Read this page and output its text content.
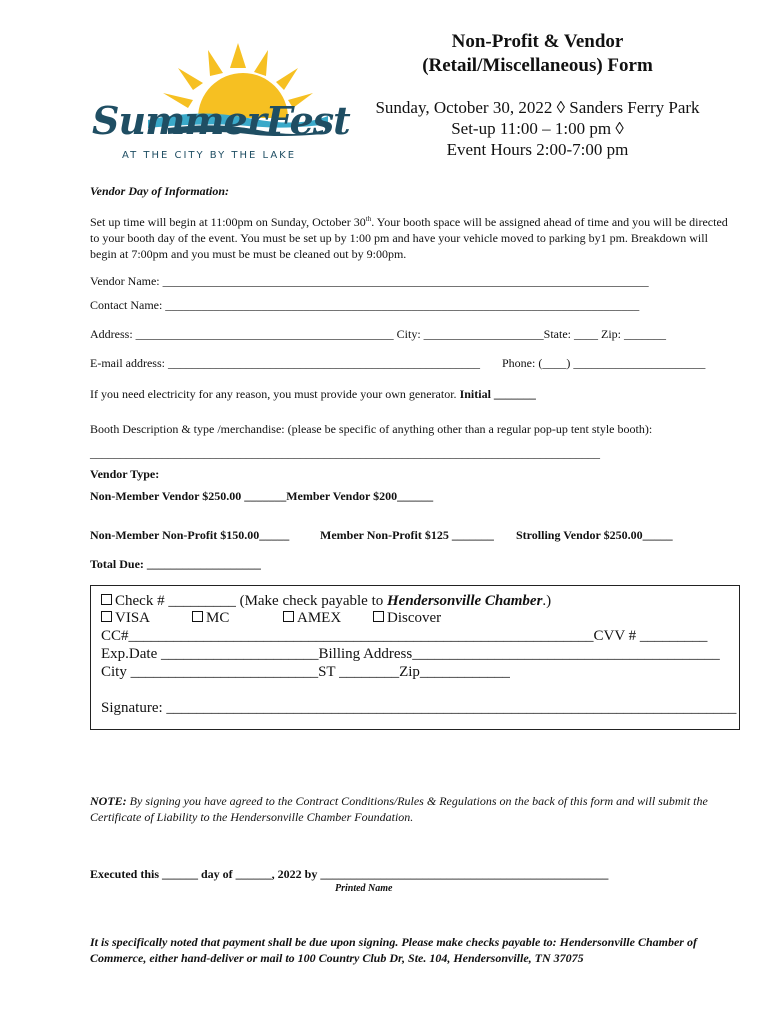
SummerFest
AT THE CITY BY THE LAKE
Non-Profit & Vendor
(Retail/Miscellaneous) Form
Sunday, October 30, 2022 ◊ Sanders Ferry Park
Set-up 11:00 – 1:00 pm ◊
Event Hours 2:00-7:00 pm
Vendor Day of Information:
Set up time will begin at 11:00pm on Sunday, October 30th. Your booth space will be assigned ahead of time and you will be directed to your booth day of the event. You must be set up by 1:00 pm and have your vehicle moved to parking by1 pm. Breakdown will begin at 7:00pm and you must be must be cleaned out by 9:00pm.
Vendor Name: _________________________________________________________________________________
Contact Name: _______________________________________________________________________________
Address: ___________________________________________ City: ____________________State: ____ Zip: _______
E-mail address: ____________________________________________________ Phone: (____) ______________________
If you need electricity for any reason, you must provide your own generator. Initial _______
Booth Description & type /merchandise: (please be specific of anything other than a regular pop-up tent style booth):
_____________________________________________________________________________________
Vendor Type:
Non-Member Vendor $250.00 _______Member Vendor $200______
Non-Member Non-Profit $150.00_____	Member Non-Profit $125 _______ Strolling Vendor $250.00_____
Total Due: ___________________
Check # _________ (Make check payable to Hendersonville Chamber.)
VISA	MC	AMEX	Discover
CC#______________________________________________________________CVV # _________
Exp.Date _____________________Billing Address_________________________________________
City _________________________ST ________Zip____________
Signature: ____________________________________________________________________________
NOTE: By signing you have agreed to the Contract Conditions/Rules & Regulations on the back of this form and will submit the Certificate of Liability to the Hendersonville Chamber Foundation.
Executed this ______ day of ______, 2022 by ________________________________________________
Printed Name
It is specifically noted that payment shall be due upon signing. Please make checks payable to: Hendersonville Chamber of Commerce, either hand-deliver or mail to 100 Country Club Dr, Ste. 104, Hendersonville, TN 37075
